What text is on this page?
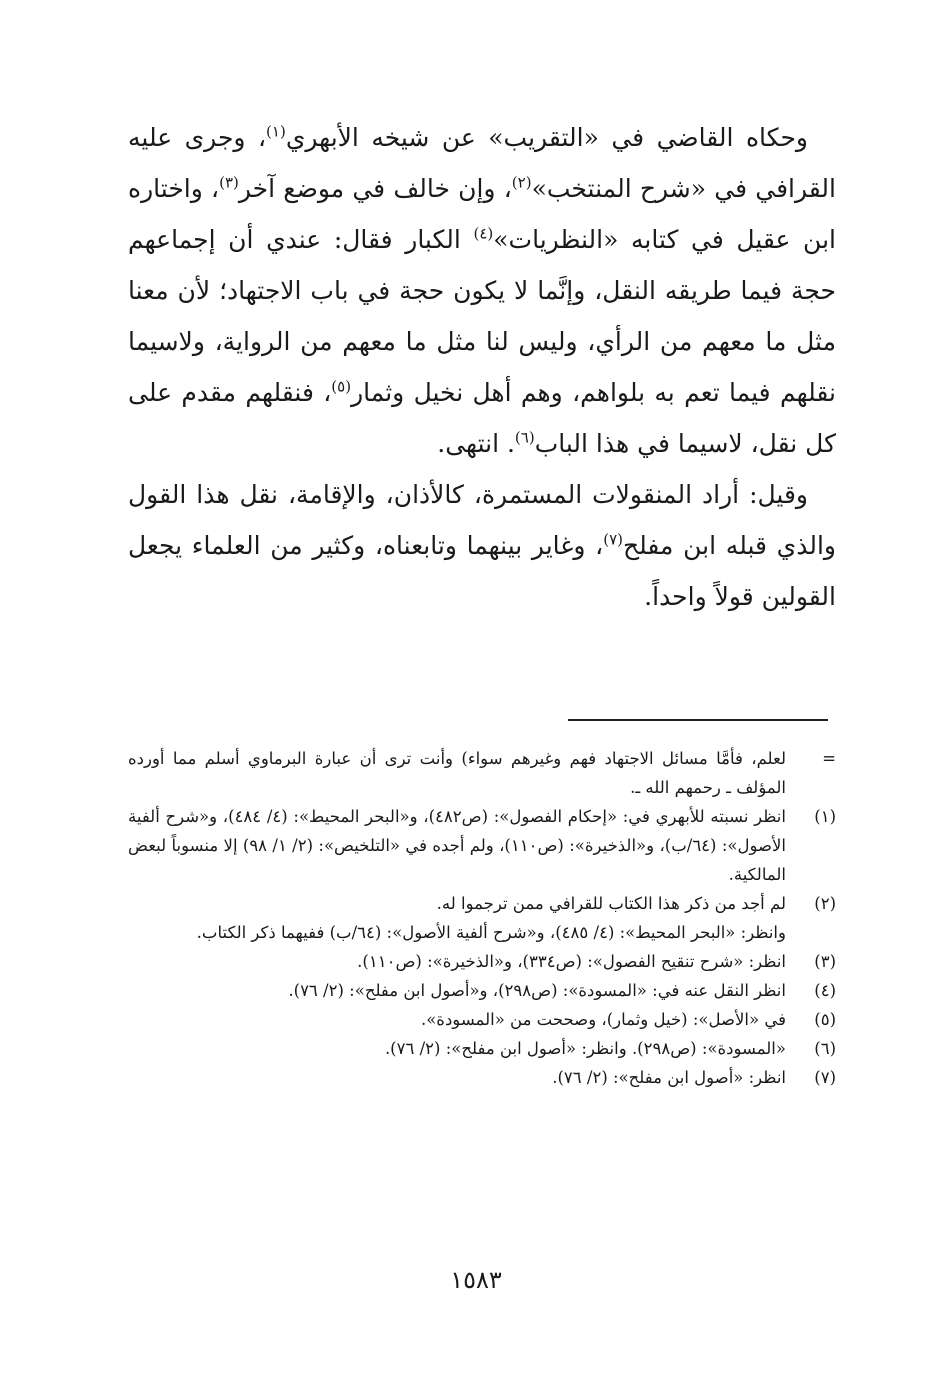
وحكاه القاضي في «التقريب» عن شيخه الأبهري$^{(١)}$، وجرى عليه القرافي في «شرح المنتخب»$^{(٢)}$، وإن خالف في موضع آخر$^{(٣)}$، واختاره ابن عقيل في كتابه «النظريات»$^{(٤)}$ الكبار فقال: عندي أن إجماعهم حجة فيما طريقه النقل، وإنَّما لا يكون حجة في باب الاجتهاد؛ لأن معنا مثل ما معهم من الرأي، وليس لنا مثل ما معهم من الرواية، ولاسيما نقلهم فيما تعم به بلواهم، وهم أهل نخيل وثمار$^{(٥)}$، فنقلهم مقدم على كل نقل، لاسيما في هذا الباب$^{(٦)}$. انتهى.

وقيل: أراد المنقولات المستمرة، كالأذان، والإقامة، نقل هذا القول والذي قبله ابن مفلح$^{(٧)}$، وغاير بينهما وتابعناه، وكثير من العلماء يجعل القولين قولاً واحداً.

=
لعلم، فأمَّا مسائل الاجتهاد فهم وغيرهم سواء) وأنت ترى أن عبارة البرماوي أسلم مما أورده المؤلف ـ رحمهم الله ـ.
(١)
انظر نسبته للأبهري في: «إحكام الفصول»: (ص٤٨٢)، و«البحر المحيط»: (٤/ ٤٨٤)، و«شرح ألفية الأصول»: (٦٤/ب)، و«الذخيرة»: (ص١١٠)، ولم أجده في «التلخيص»: (٢/ ١/ ٩٨) إلا منسوباً لبعض المالكية.
(٢)
لم أجد من ذكر هذا الكتاب للقرافي ممن ترجموا له.
وانظر: «البحر المحيط»: (٤/ ٤٨٥)، و«شرح ألفية الأصول»: (٦٤/ب) ففيهما ذكر الكتاب.
(٣)
انظر: «شرح تنقيح الفصول»: (ص٣٣٤)، و«الذخيرة»: (ص١١٠).
(٤)
انظر النقل عنه في: «المسودة»: (ص٢٩٨)، و«أصول ابن مفلح»: (٢/ ٧٦).
(٥)
في «الأصل»: (خيل وثمار)، وصححت من «المسودة».
(٦)
«المسودة»: (ص٢٩٨). وانظر: «أصول ابن مفلح»: (٢/ ٧٦).
(٧)
انظر: «أصول ابن مفلح»: (٢/ ٧٦).
١٥٨٣
